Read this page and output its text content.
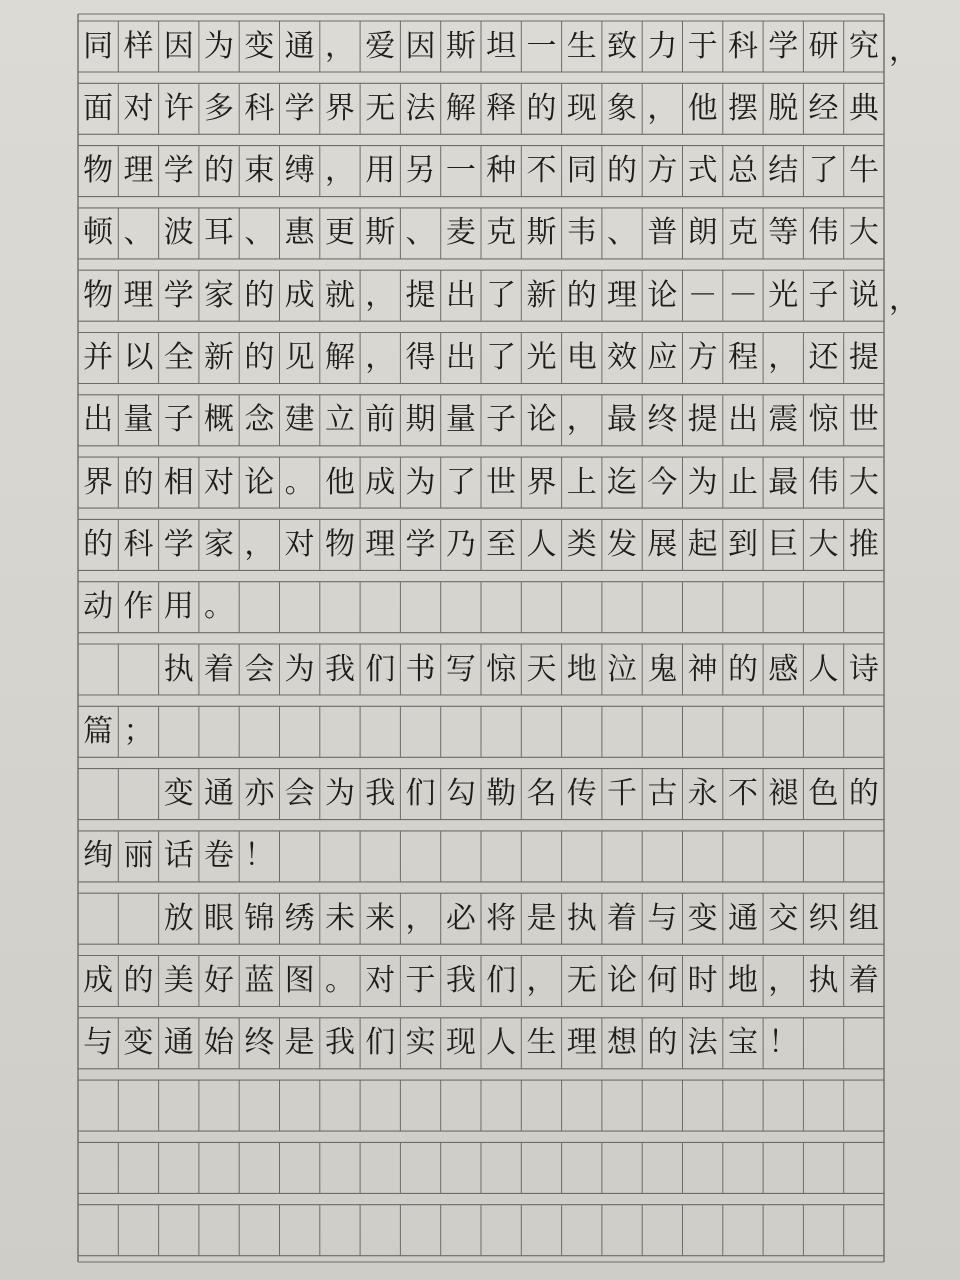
同 样 因 为 变 通 ， 爱 因 斯 坦 一 生 致 力 于 科 学 研 究 ，
面 对 许 多 科 学 界 无 法 解 释 的 现 象 ， 他 摆 脱 经 典
物 理 学 的 束 缚 ， 用 另 一 种 不 同 的 方 式 总 结 了 牛
顿 、 波 耳 、 惠 更 斯 、 麦 克 斯 韦 、 普 朗 克 等 伟 大
物 理 学 家 的 成 就 ， 提 出 了 新 的 理 论 － － 光 子 说 ，
并 以 全 新 的 见 解 ， 得 出 了 光 电 效 应 方 程 ， 还 提
出 量 子 概 念 建 立 前 期 量 子 论 ， 最 终 提 出 震 惊 世
界 的 相 对 论 。 他 成 为 了 世 界 上 迄 今 为 止 最 伟 大
的 科 学 家 ， 对 物 理 学 乃 至 人 类 发 展 起 到 巨 大 推
动 作 用 。

执 着 会 为 我 们 书 写 惊 天 地 泣 鬼 神 的 感 人 诗
篇 ；

变 通 亦 会 为 我 们 勾 勒 名 传 千 古 永 不 褪 色 的
绚 丽 话 卷 ！

放 眼 锦 绣 未 来 ， 必 将 是 执 着 与 变 通 交 织 组
成 的 美 好 蓝 图 。 对 于 我 们 ， 无 论 何 时 地 ， 执 着
与 变 通 始 终 是 我 们 实 现 人 生 理 想 的 法 宝 ！
